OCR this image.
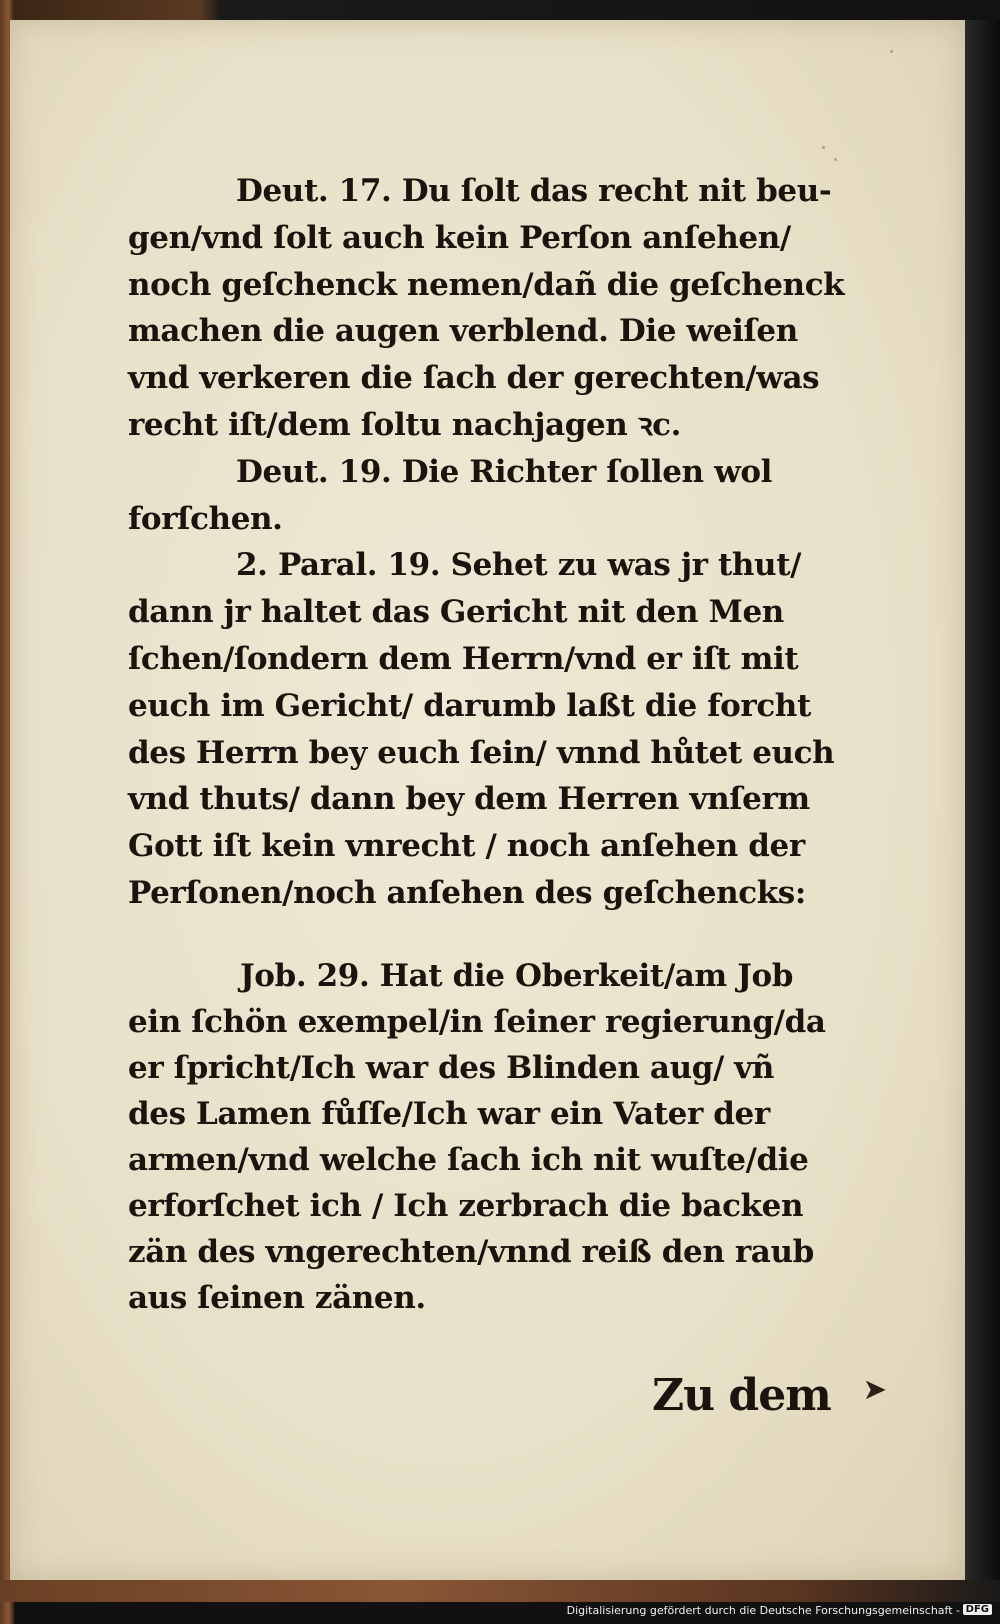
Deut. 17. Du ſolt das recht nit beu-
gen/vnd ſolt auch kein Perſon anſehen/
noch geſchenck nemen/dañ die geſchenck
machen die augen verblend. Die weiſen
vnd verkeren die ſach der gerechten/was
recht iſt/dem ſoltu nachjagen ꝛc.
Deut. 19. Die Richter ſollen wol
forſchen.
2. Paral. 19. Sehet zu was jr thut/
dann jr haltet das Gericht nit den Men
ſchen/ſondern dem Herrn/vnd er iſt mit
euch im Gericht/ darumb laßt die forcht
des Herrn bey euch ſein/ vnnd hůtet euch
vnd thuts/ dann bey dem Herren vnſerm
Gott iſt kein vnrecht / noch anſehen der
Perſonen/noch anſehen des geſchencks:
Job. 29. Hat die Oberkeit/am Job
ein ſchön exempel/in ſeiner regierung/da
er ſpricht/Ich war des Blinden aug/ vñ
des Lamen fůſſe/Ich war ein Vater der
armen/vnd welche ſach ich nit wuſte/die
erforſchet ich / Ich zerbrach die backen
zän des vngerechten/vnnd reiß den raub
aus ſeinen zänen.
Zu dem ➤
Digitalisierung gefördert durch die Deutsche Forschungsgemeinschaft - DFG
